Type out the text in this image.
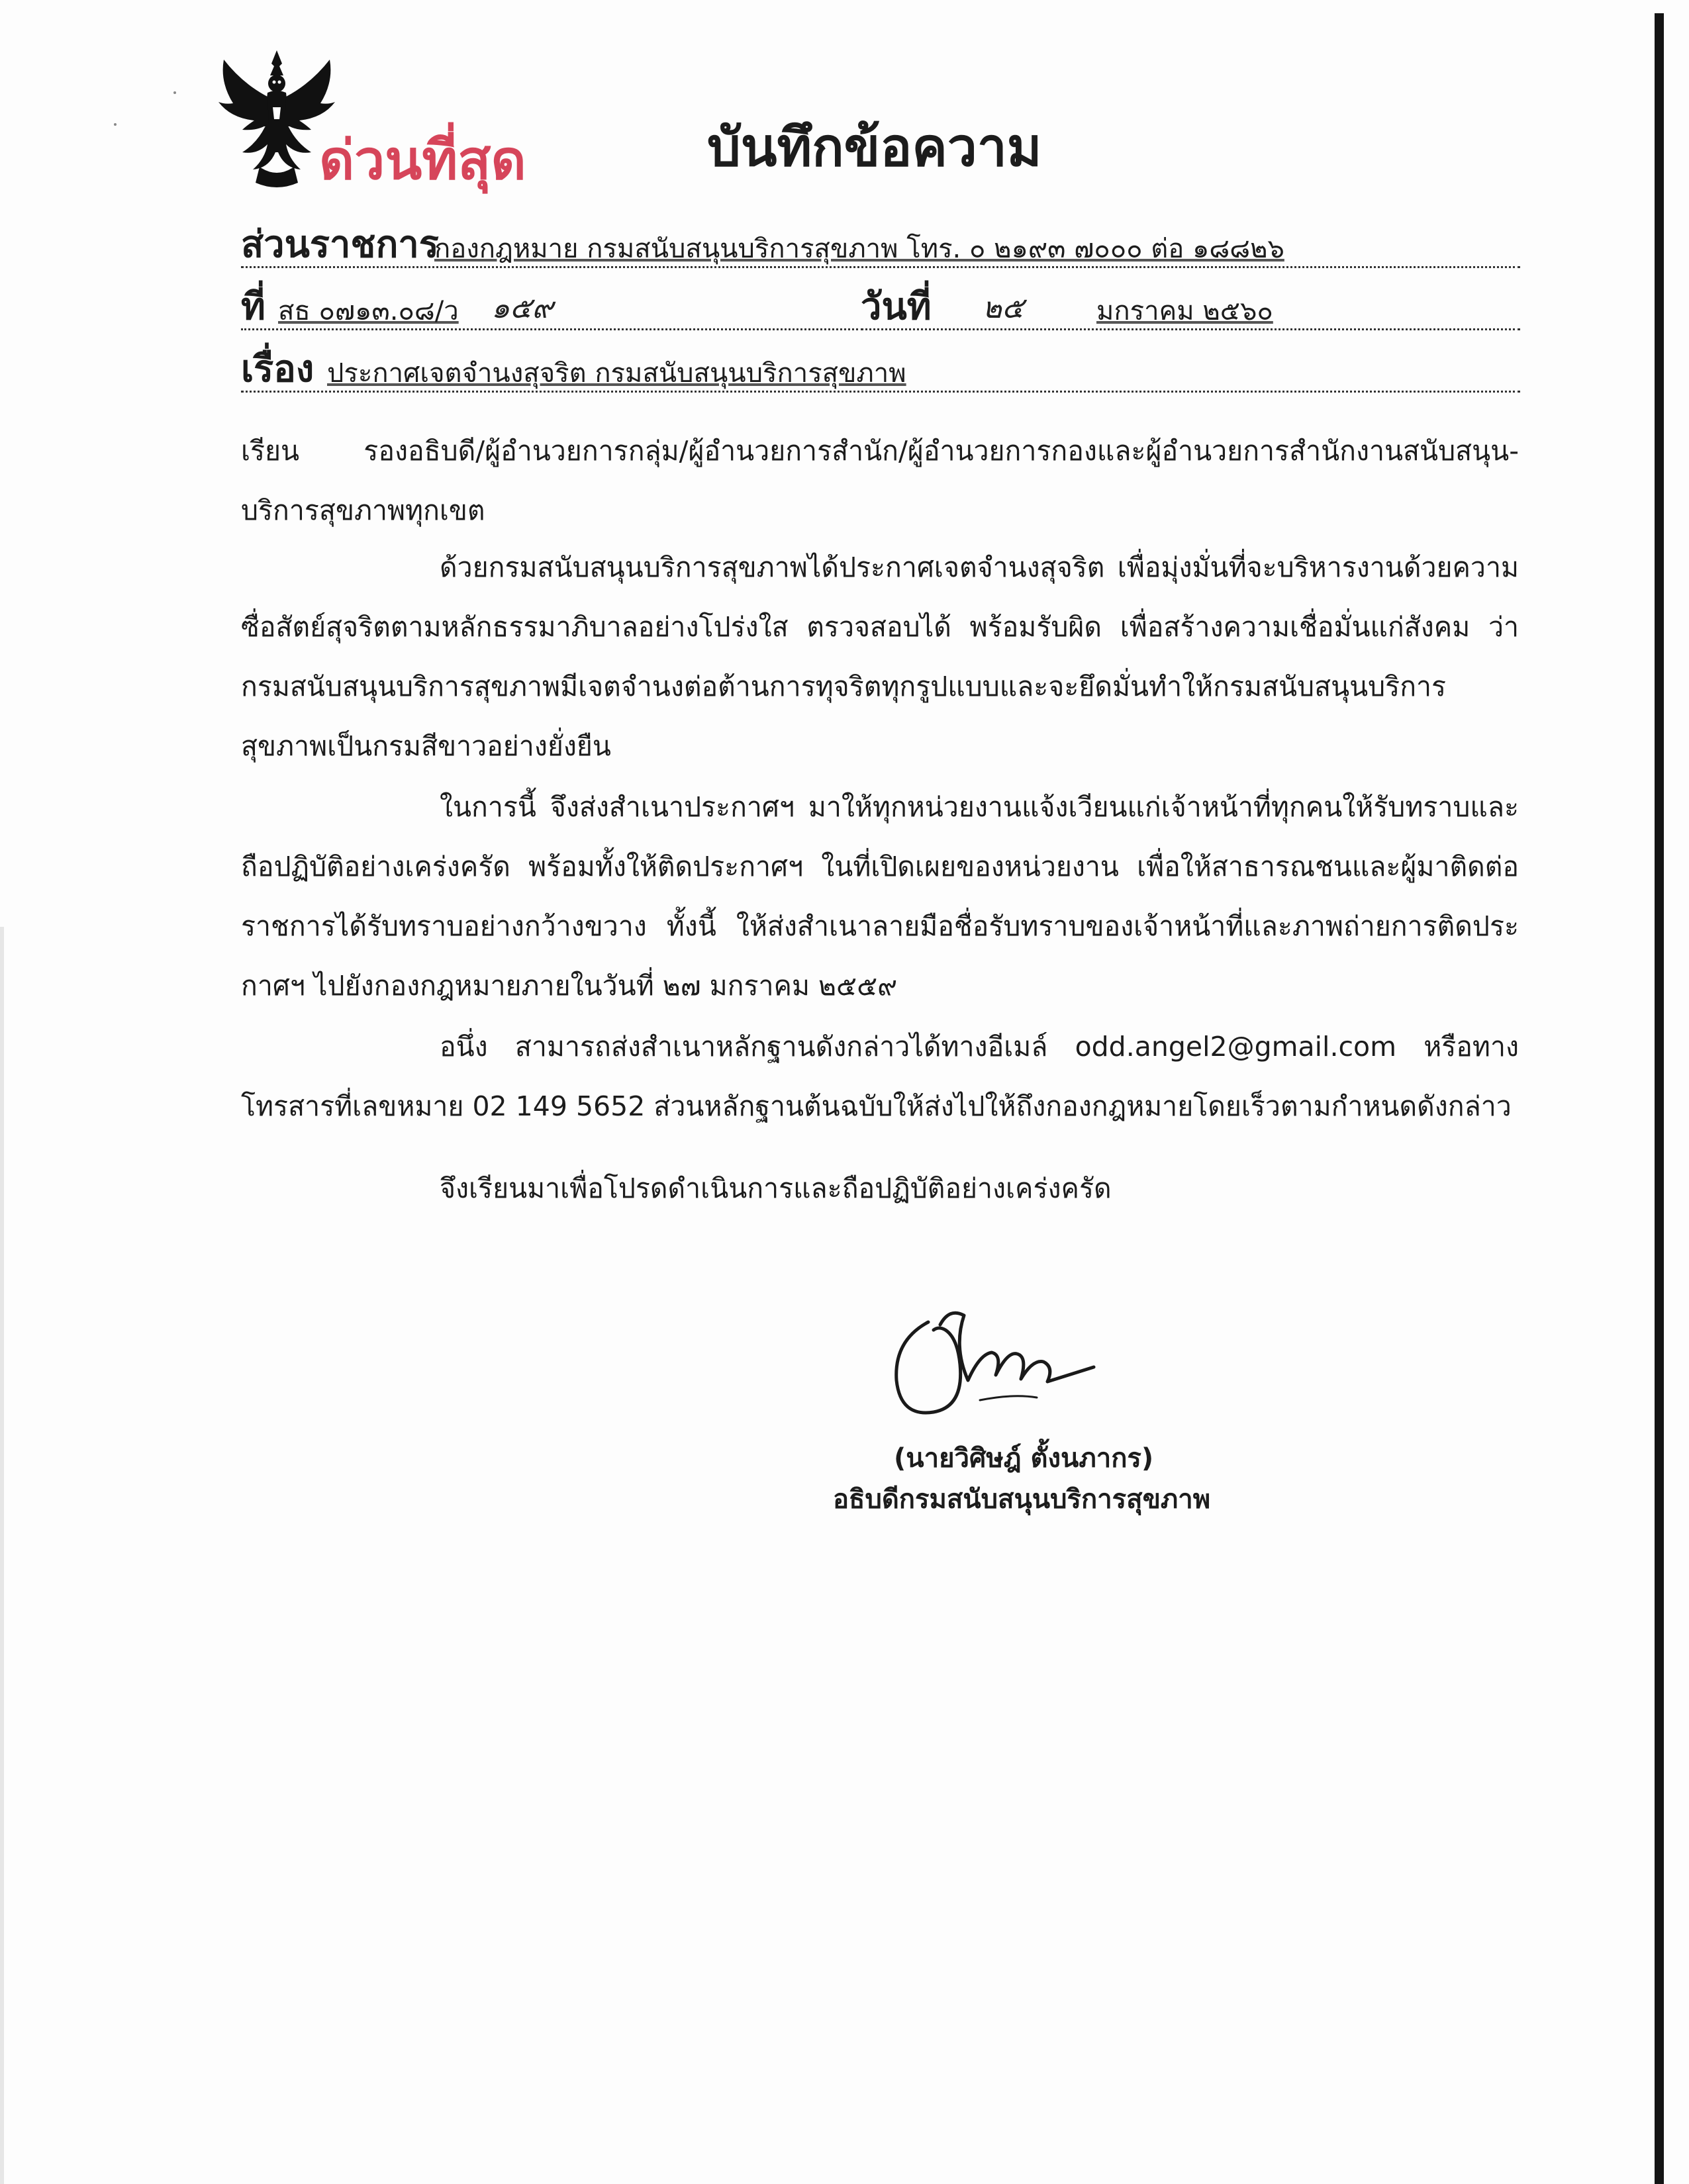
ด่วนที่สุด	บันทึกข้อความ
ส่วนราชการ
กองกฎหมาย กรมสนับสนุนบริการสุขภาพ โทร. ๐ ๒๑๙๓ ๗๐๐๐ ต่อ ๑๘๘๒๖
ที่ สธ ๐๗๑๓.๐๘/ว ๑๕๙	วันที่ ๒๕	มกราคม ๒๕๖๐
เรื่อง ประกาศเจตจำนงสุจริต กรมสนับสนุนบริการสุขภาพ
เรียน รองอธิบดี/ผู้อำนวยการกลุ่ม/ผู้อำนวยการสำนัก/ผู้อำนวยการกองและผู้อำนวยการสำนักงานสนับสนุน-บริการสุขภาพทุกเขต
ด้วยกรมสนับสนุนบริการสุขภาพได้ประกาศเจตจำนงสุจริต เพื่อมุ่งมั่นที่จะบริหารงานด้วยความซื่อสัตย์สุจริตตามหลักธรรมาภิบาลอย่างโปร่งใส ตรวจสอบได้ พร้อมรับผิด เพื่อสร้างความเชื่อมั่นแก่สังคม ว่า กรมสนับสนุนบริการสุขภาพมีเจตจำนงต่อต้านการทุจริตทุกรูปแบบและจะยึดมั่นทำให้กรมสนับสนุนบริการสุขภาพเป็นกรมสีขาวอย่างยั่งยืน
ในการนี้ จึงส่งสำเนาประกาศฯ มาให้ทุกหน่วยงานแจ้งเวียนแก่เจ้าหน้าที่ทุกคนให้รับทราบและถือปฏิบัติอย่างเคร่งครัด พร้อมทั้งให้ติดประกาศฯ ในที่เปิดเผยของหน่วยงาน เพื่อให้สาธารณชนและผู้มาติดต่อราชการได้รับทราบอย่างกว้างขวาง ทั้งนี้ ให้ส่งสำเนาลายมือชื่อรับทราบของเจ้าหน้าที่และภาพถ่ายการติดประกาศฯ ไปยังกองกฎหมายภายในวันที่ ๒๗ มกราคม ๒๕๕๙
อนึ่ง สามารถส่งสำเนาหลักฐานดังกล่าวได้ทางอีเมล์ odd.angel2@gmail.com หรือทางโทรสารที่เลขหมาย 02 149 5652 ส่วนหลักฐานต้นฉบับให้ส่งไปให้ถึงกองกฎหมายโดยเร็วตามกำหนดดังกล่าว
จึงเรียนมาเพื่อโปรดดำเนินการและถือปฏิบัติอย่างเคร่งครัด
(นายวิศิษฎ์ ตั้งนภากร)
อธิบดีกรมสนับสนุนบริการสุขภาพ
